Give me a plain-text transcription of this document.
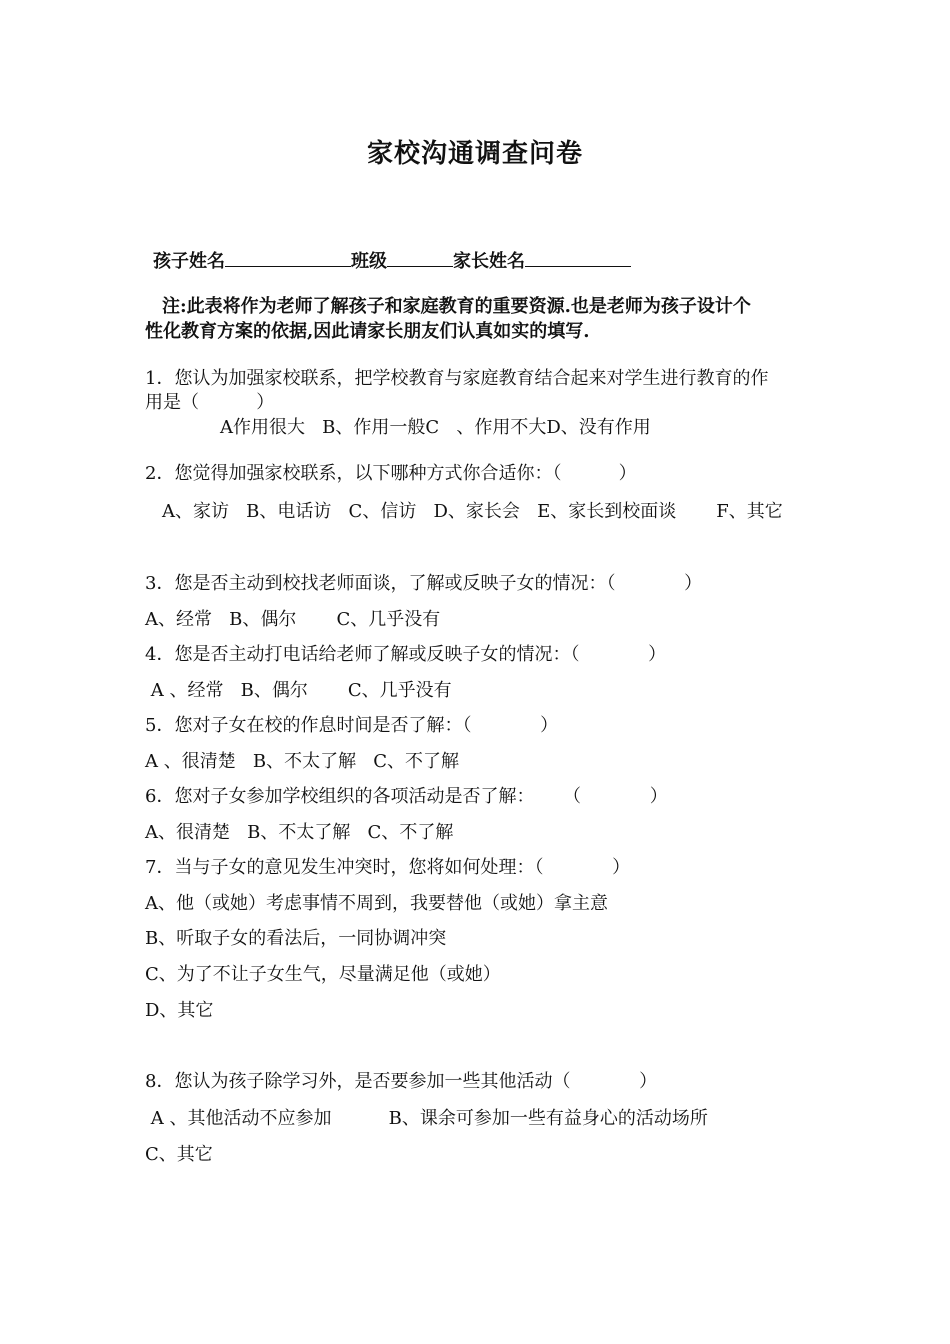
家校沟通调查问卷
孩子姓名	班级	家长姓名
注:此表将作为老师了解孩子和家庭教育的重要资源.也是老师为孩子设计个
性化教育方案的依据,因此请家长朋友们认真如实的填写.
1．您认为加强家校联系，把学校教育与家庭教育结合起来对学生进行教育的作
用是（          ）
A作用很大   B、作用一般C   、作用不大D、没有作用
2．您觉得加强家校联系，以下哪种方式你合适你：（          ）
A、家访   B、电话访   C、信访   D、家长会   E、家长到校面谈       F、其它
3．您是否主动到校找老师面谈，了解或反映子女的情况：（            ）
A、经常   B、偶尔       C、几乎没有
4．您是否主动打电话给老师了解或反映子女的情况：（            ）
A 、经常   B、偶尔       C、几乎没有
5．您对子女在校的作息时间是否了解：（            ）
A 、很清楚   B、不太了解   C、不了解
6．您对子女参加学校组织的各项活动是否了解：     （            ）
A、很清楚   B、不太了解   C、不了解
7．当与子女的意见发生冲突时，您将如何处理：（            ）
A、他（或她）考虑事情不周到，我要替他（或她）拿主意
B、听取子女的看法后，一同协调冲突
C、为了不让子女生气，尽量满足他（或她）
D、其它
8．您认为孩子除学习外，是否要参加一些其他活动（            ）
A 、其他活动不应参加          B、课余可参加一些有益身心的活动场所
C、其它
